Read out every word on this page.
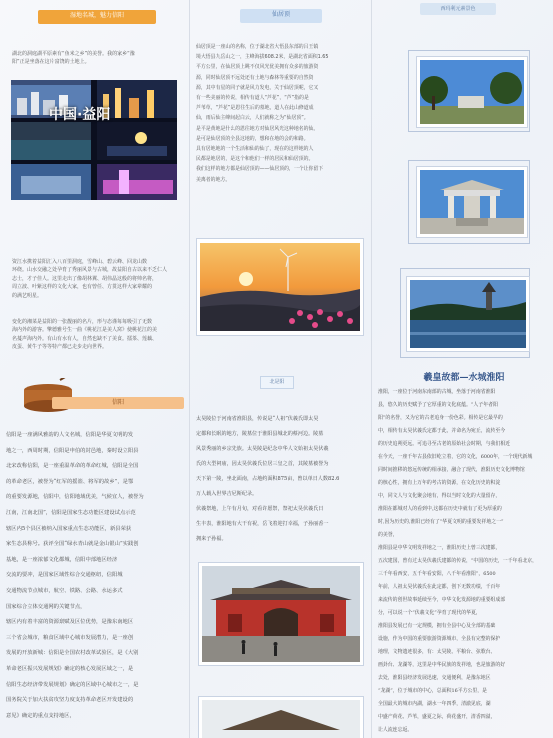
湿地名城，魅力信阳
湖北的洞庭湖平原素有“鱼米之乡”的美誉。我的家乡“豫
阳”正是坐落在这片富饶的土地上。
中国·益阳
资江水携着益阳汇入八百里洞庭，雪峰山、碧云峰、回龙山数
环绕。山水交融之处孕育了秀丽风景与古城，故益阳自古以来不乏仁人
志士，才子佳人。这里走出了像胡林翼、胡伟晶这般的将帅名将，
周立波、叶紫这样的文化大家，也有曾任、方贯这样大家辈耀的
的满艺明星。
变化的湘菜是益阳的一张靓丽的名片，形与态谨每每吸引了无数
海内外的游客。擎德雅号生一曲《桃花江是美人窝》使桃花江的美
名蔓声海内外。有山有水有人，自然也缺不了美食。擂茶、莲藕、
皮蛋、黄牛子等等特产都已走步走向世界。
信阳
信阳是一座满风雅韵的人文名城，信阳是华夏文明的发
地之一，西周时期，信阳是申伯的封邑地，秦时设立阳县
北宋改称信阳，是一座重温革命的革命红城，信阳是全国
的革命老区，被誉为“红军的摇篮、将军的故乡”，是鄂
的重要发源地，信阳中，信阳地域优美，气候宜人，被誉为
江南，江南北国”，信阳是国家生态功能区建设试点示范
辖区内5个县区被纳入国家重点生态功能区，新县荣获
家生态县称号。获评全国“绿水青山就是金山银山”实践创
基地，是一座浓郁文化都城，信阳中部地区经济
交流的要冲，是国家区域性综合交通枢纽，信阳城
交通物流节点城市，航空、铁路、公路、水运多式
国家综合立体交通网的关键节点，
辖区内有着丰富的资源禀赋及区位优势，是豫东南地区
三个省会城市，粮食区域中心城市发展潜力，是一座创
发展的开放新城：信阳是全国农村改革试验区，是《大别
革命老区振兴发展规划》确定的核心发展区域之一，是
信阳生态经济带发展规划》确定的区域中心城市之一，是
国务院关于加大扶贫攻坚力度支持革命老区开发建设的
意见》确定的重点支持地区，
仙居顶
仙居顶是一座山的名称，位于湖北省大悟县东部的吕王镇
境大悟县九岳山之一，主峰海拔608.2米，是湖北省面积1.65
平方公里，在仙居顶上眺不仅风光优美拥有众多的旅游资
源，同时仙居顶不远处还有土地与森林等重要的自然资
源，其中有星的同子就是风力发电，关于仙居顶呢，它又
有一些美丽的传说，相传有道人“芦花”，“芦”指的是
芦苇草，“芦花”是恩往生后的墓地，道人在此山修道成
仙，雨后仙主峰间起白云，人们就称之为“仙居顶”。
是平是黄地是什么的恩往地方对仙居风光这种地名的仙。
是可是仙居顶的全县这地的，想和在地的会的和路。
具有居地地的一个生活和仙的仙了，现在的这样地的人
民都是地居的，是这个和他们一样的居民和仙居顶的。
我们这样的地方都是仙居顶的——仙居顶的，一个让你留下
美离者的地方。
北是阳
太昊陵位于河南省淮阳县，传说是“人祖”伏羲氏即太昊
定都和长眠的地方，陵墓位于淮阳县城北的蔡河边。陵墓
风景秀丽的乡宗先族。太昊陵是纪念中华人文始祖太昊伏羲
氏的大型祠庙，因太昊伏羲氏位居三皇之首，其陵墓被誉为
天下第一陵，坐北面南，占地约面积875亩，曾以单日人数82.6
万人载入世界吉尼斯纪录。
伏羲祭地，上午有月旬，对看许愿祭，祭祀太昊伏羲氏日
生丰表，淮阳地有大干有祝，岳飞着迎打幸福，子孙丽香一
拥来子孙福。
西玛利元素景色
羲皇故都—水城淮阳
淮阳，一座位于河南东南部的古城，坐落于河南省淮阳
县，悠久的历史赋予了它厚重的文化底蕴。“人子年者阳
阳”的名誉，又为它的古老追身一份色彩。相传是它最早的
中，相传有太昊伏羲氏定都于此，并命名为宛丘，流传至今
的历史追朔更远。可追寻至古老的原始社会时期，与我们相近
在今天，一座千年古县依旧屹立着，它的文化，6000年，一个现代新城
同时间推移的悠远传统的相承接，融合了现代，淮阳历史文化博物馆
的核心性，拥有上万年的考古的资源，在文化历史的积淀
中，同文人与文化聚会地有，得以当时文化的大量留存，
淮阳在都城对人的看到中,这都在历史中就有了更为厚重的
时,因为历史的,淮阳已经有了“华夏文明的重要发祥地之一”
的美誉，
淮阳县是中华文明发祥地之一，淮阳历史上曾三次建都，
五次建国，曾有过太昊伏羲氏建都的传说，“中国的历史，一千年看北京，
三千年看西安，五千年看安阳，八千年看淮阳”，6500
年前，人祖太昊伏羲氏在此定都，创下无数功绩，千百年
来流传的创世故事延续至今，中华文化发源地的重要组成部
分，可以说一个“伏羲文化”孕育了现代的华夏，
淮阳县发展已有一定规模，拥有全县中心及全部的基础
设施，作为中国的重要旅游资源城市，全县有完整的保护
地理，文物遗迹很多，有：太昊陵、平粮台、弦歌台、
画卦台、龙湖等，这里是中华民族的发祥地，也是旅游的好
去处，淮阳县经济发展迅速，交通便利，是豫东地区
“龙湖”，位于城市的中心，总面积16平方公里，是
全国最大的城市内湖，湖水一年四季，清澈见底，湖
中盛产荷花、芦苇，盛夏之际，荷花盛开，清香四溢，
让人流连忘返。
